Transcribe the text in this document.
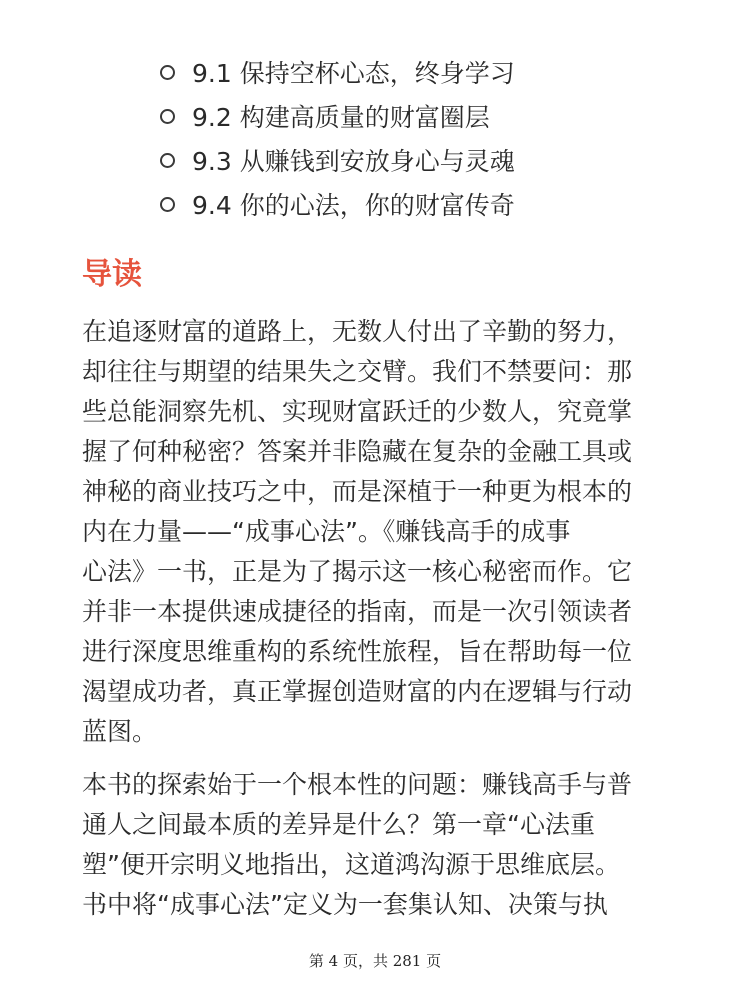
9.1 保持空杯心态，终身学习
9.2 构建高质量的财富圈层
9.3 从赚钱到安放身心与灵魂
9.4 你的心法，你的财富传奇
导读

在追逐财富的道路上，无数人付出了辛勤的努力，
却往往与期望的结果失之交臂。我们不禁要问：那
些总能洞察先机、实现财富跃迁的少数人，究竟掌
握了何种秘密？答案并非隐藏在复杂的金融工具或
神秘的商业技巧之中，而是深植于一种更为根本的
内在力量——“成事心法”。《赚钱高手的成事
心法》一书，正是为了揭示这一核心秘密而作。它
并非一本提供速成捷径的指南，而是一次引领读者
进行深度思维重构的系统性旅程，旨在帮助每一位
渴望成功者，真正掌握创造财富的内在逻辑与行动
蓝图。

本书的探索始于一个根本性的问题：赚钱高手与普
通人之间最本质的差异是什么？第一章“心法重
塑”便开宗明义地指出，这道鸿沟源于思维底层。
书中将“成事心法”定义为一套集认知、决策与执

第 4 页，共 281 页
